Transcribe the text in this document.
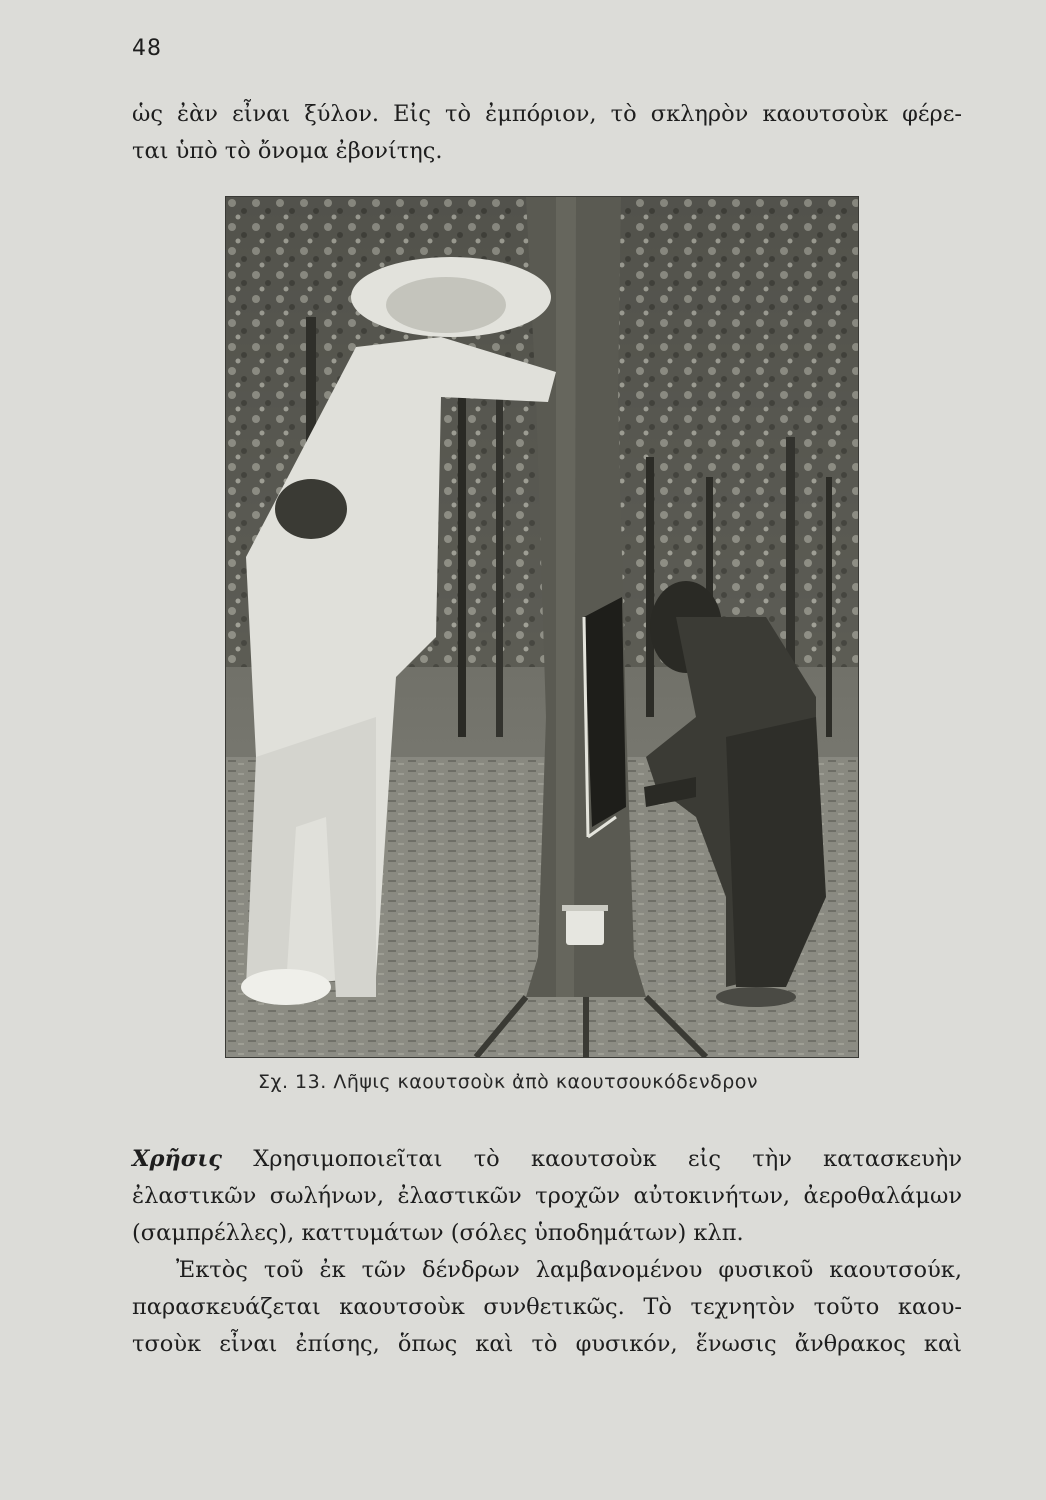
48
ὡς ἐὰν εἶναι ξύλον. Εἰς τὸ ἐμπόριον, τὸ σκληρὸν καουτσοὺκ φέρε-
ται ὑπὸ τὸ ὄνομα ἐβονίτης.
Σχ. 13. Λῆψις καουτσοὺκ ἀπὸ καουτσουκόδενδρον
Χρῆσις Χρησιμοποιεῖται τὸ καουτσοὺκ εἰς τὴν κατασκευὴν
ἐλαστικῶν σωλήνων, ἐλαστικῶν τροχῶν αὐτοκινήτων, ἀεροθαλάμων
(σαμπρέλλες), καττυμάτων (σόλες ὑποδημάτων) κλπ.
Ἐκτὸς τοῦ ἐκ τῶν δένδρων λαμβανομένου φυσικοῦ καουτσούκ,
παρασκευάζεται καουτσοὺκ συνθετικῶς. Τὸ τεχνητὸν τοῦτο καου-
τσοὺκ εἶναι ἐπίσης, ὅπως καὶ τὸ φυσικόν, ἕνωσις ἄνθρακος καὶ
